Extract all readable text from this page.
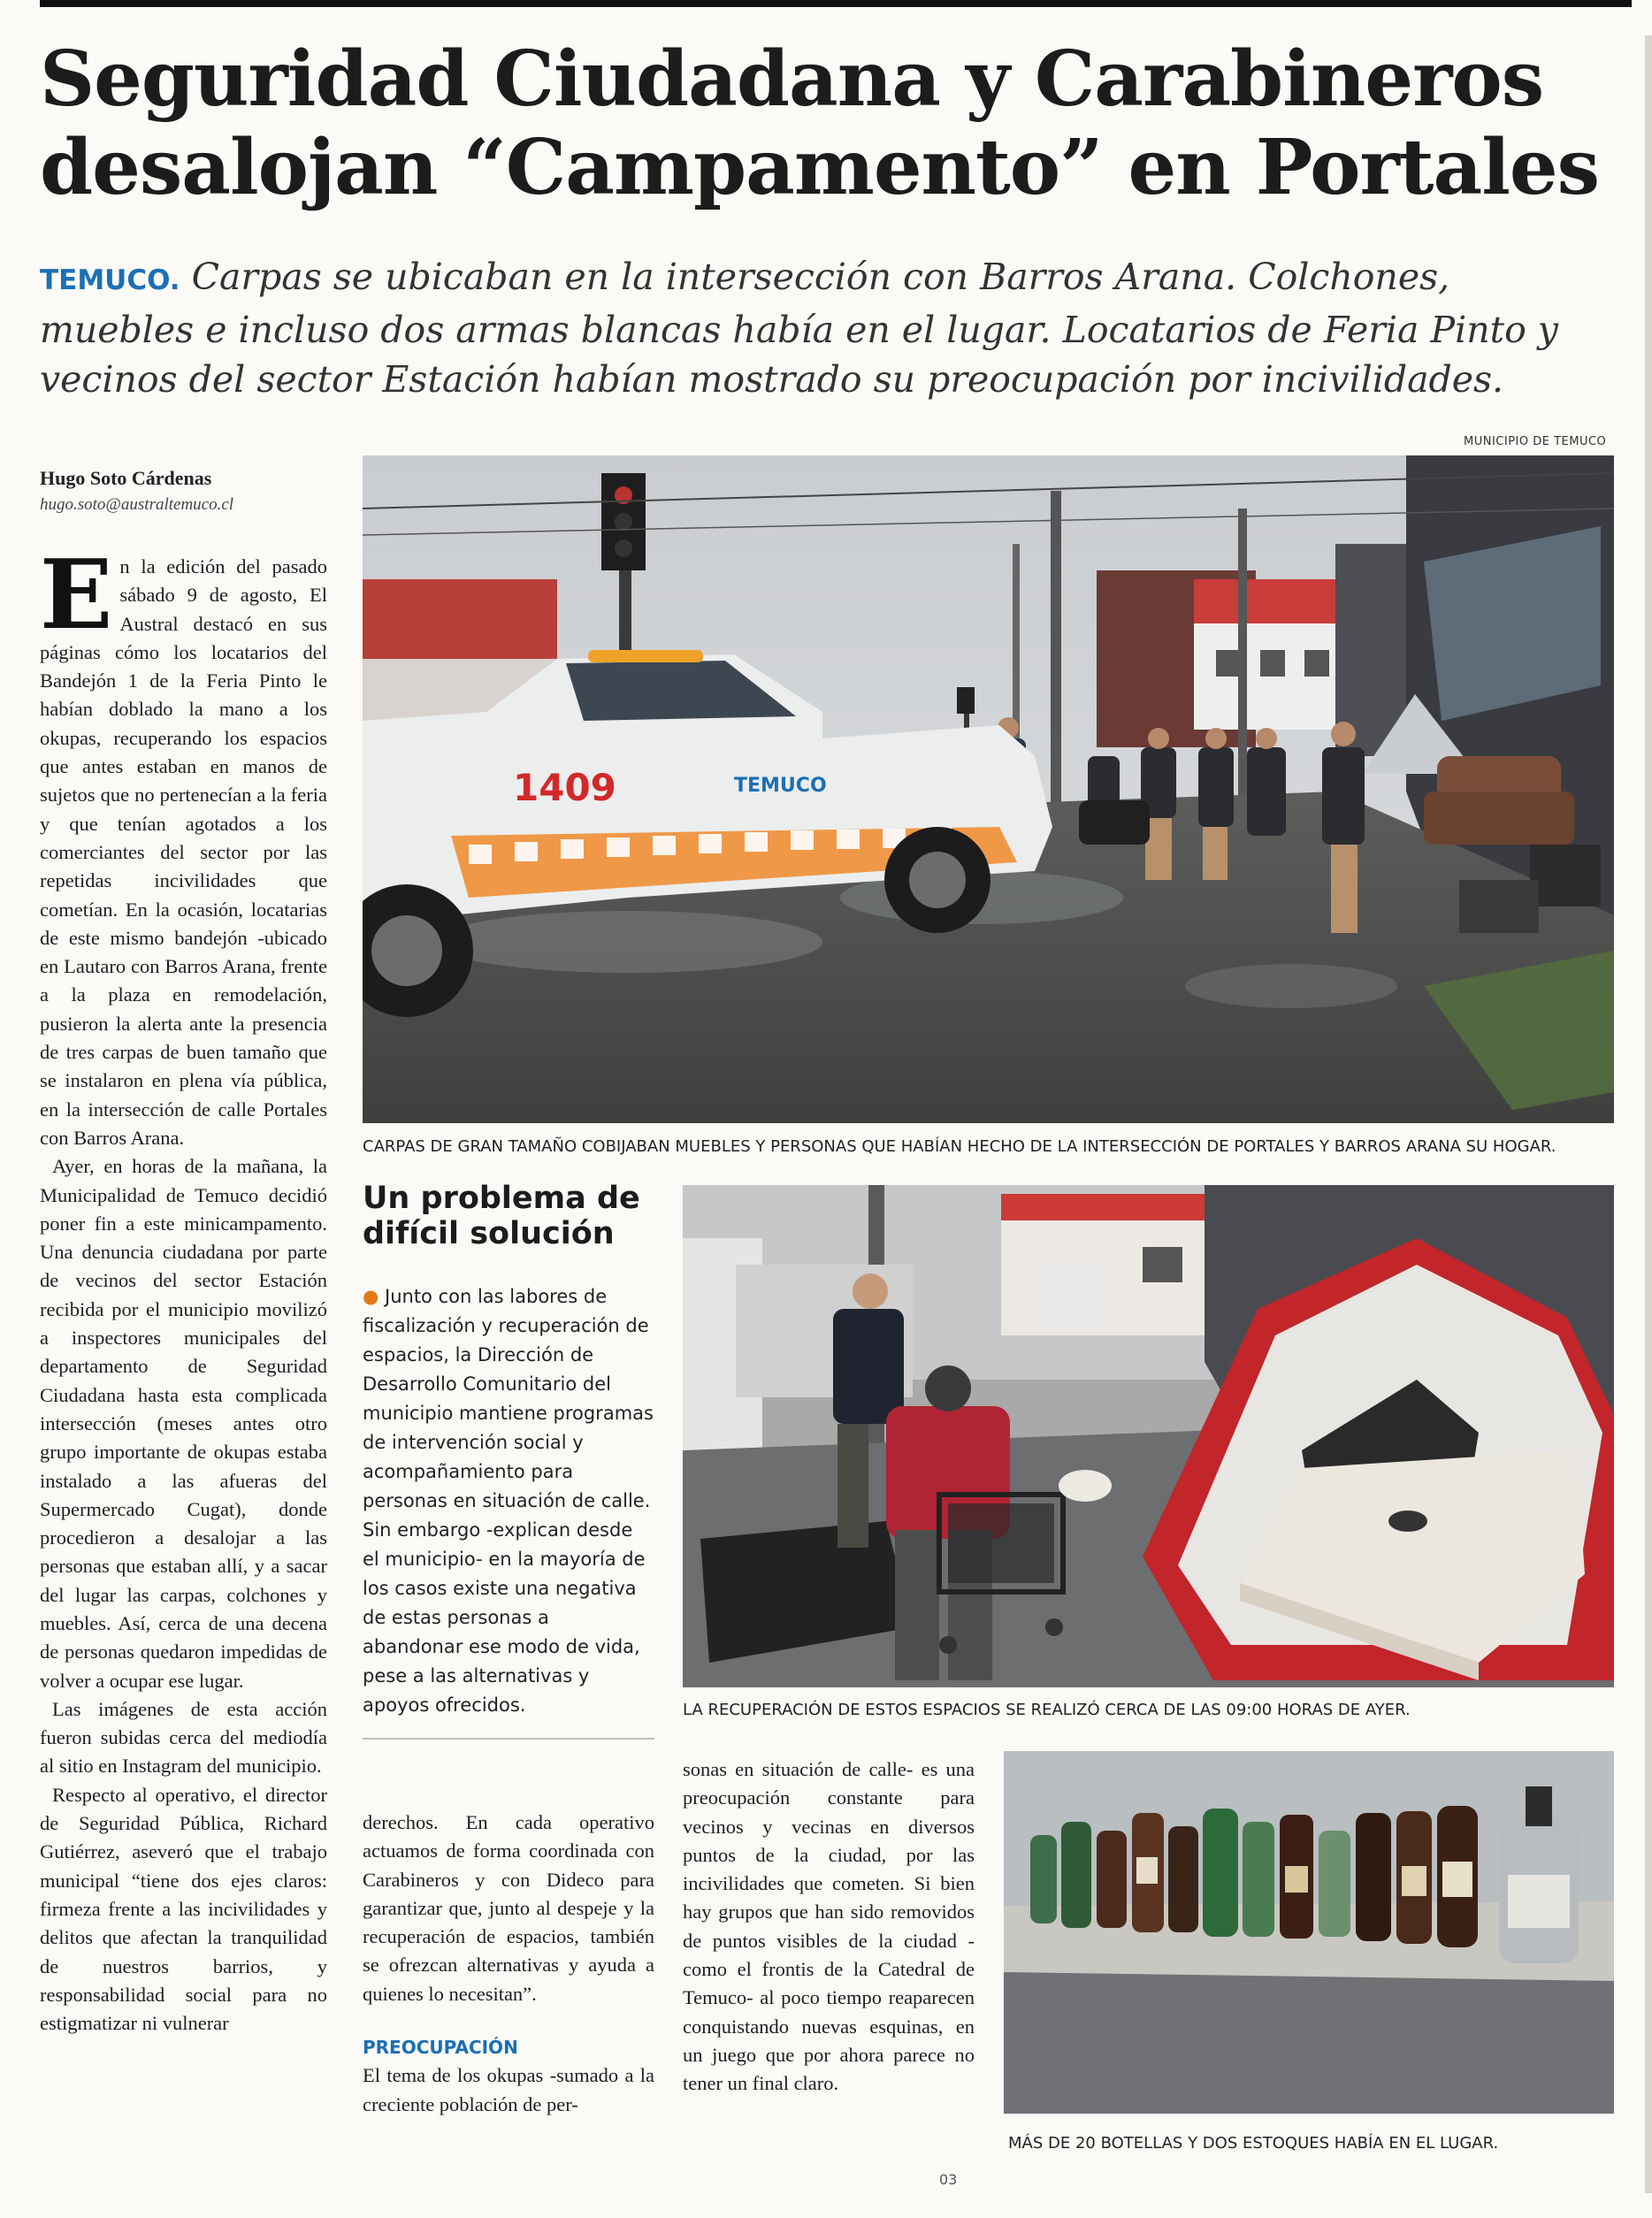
Seguridad Ciudadana y Carabineros
desalojan “Campamento” en Portales
TEMUCO. Carpas se ubicaban en la intersección con Barros Arana. Colchones,
muebles e incluso dos armas blancas había en el lugar. Locatarios de Feria Pinto y
vecinos del sector Estación habían mostrado su preocupación por incivilidades.
Hugo Soto Cárdenas
hugo.soto@australtemuco.cl
MUNICIPIO DE TEMUCO
1409	TEMUCO
CARPAS DE GRAN TAMAÑO COBIJABAN MUEBLES Y PERSONAS QUE HABÍAN HECHO DE LA INTERSECCIÓN DE PORTALES Y BARROS ARANA SU HOGAR.

En la edición del pasado sábado 9 de agosto, El Austral destacó en sus páginas cómo los locatarios del Bandejón 1 de la Feria Pinto le habían doblado la mano a los okupas, recuperando los espacios que antes estaban en manos de sujetos que no pertenecían a la feria y que tenían agotados a los comerciantes del sector por las repetidas incivilidades que cometían. En la ocasión, locatarias de este mismo bandejón -ubicado en Lautaro con Barros Arana, frente a la plaza en remodelación, pusieron la alerta ante la presencia de tres carpas de buen tamaño que se instalaron en plena vía pública, en la intersección de calle Portales con Barros Arana.

Ayer, en horas de la mañana, la Municipalidad de Temuco decidió poner fin a este minicampamento. Una denuncia ciudadana por parte de vecinos del sector Estación recibida por el municipio movilizó a inspectores municipales del departamento de Seguridad Ciudadana hasta esta complicada intersección (meses antes otro grupo importante de okupas estaba instalado a las afueras del Supermercado Cugat), donde procedieron a desalojar a las personas que estaban allí, y a sacar del lugar las carpas, colchones y muebles. Así, cerca de una decena de personas quedaron impedidas de volver a ocupar ese lugar.

Las imágenes de esta acción fueron subidas cerca del mediodía al sitio en Instagram del municipio.

Respecto al operativo, el director de Seguridad Pública, Richard Gutiérrez, aseveró que el trabajo municipal “tiene dos ejes claros: firmeza frente a las incivilidades y delitos que afectan la tranquilidad de nuestros barrios, y responsabilidad social para no estigmatizar ni vulnerar

Un problema de
difícil solución
● Junto con las labores de fiscalización y recuperación de espacios, la Dirección de Desarrollo Comunitario del municipio mantiene programas de intervención social y acompañamiento para personas en situación de calle. Sin embargo -explican desde el municipio- en la mayoría de los casos existe una negativa de estas personas a abandonar ese modo de vida, pese a las alternativas y apoyos ofrecidos.	LA RECUPERACIÓN DE ESTOS ESPACIOS SE REALIZÓ CERCA DE LAS 09:00 HORAS DE AYER.

derechos. En cada operativo actuamos de forma coordinada con Carabineros y con Dideco para garantizar que, junto al despeje y la recuperación de espacios, también se ofrezcan alternativas y ayuda a quienes lo necesitan”.

PREOCUPACIÓN

El tema de los okupas -sumado a la creciente población de per-

sonas en situación de calle- es una preocupación constante para vecinos y vecinas en diversos puntos de la ciudad, por las incivilidades que cometen. Si bien hay grupos que han sido removidos de puntos visibles de la ciudad -como el frontis de la Catedral de Temuco- al poco tiempo reaparecen conquistando nuevas esquinas, en un juego que por ahora parece no tener un final claro.

03
MÁS DE 20 BOTELLAS Y DOS ESTOQUES HABÍA EN EL LUGAR.
